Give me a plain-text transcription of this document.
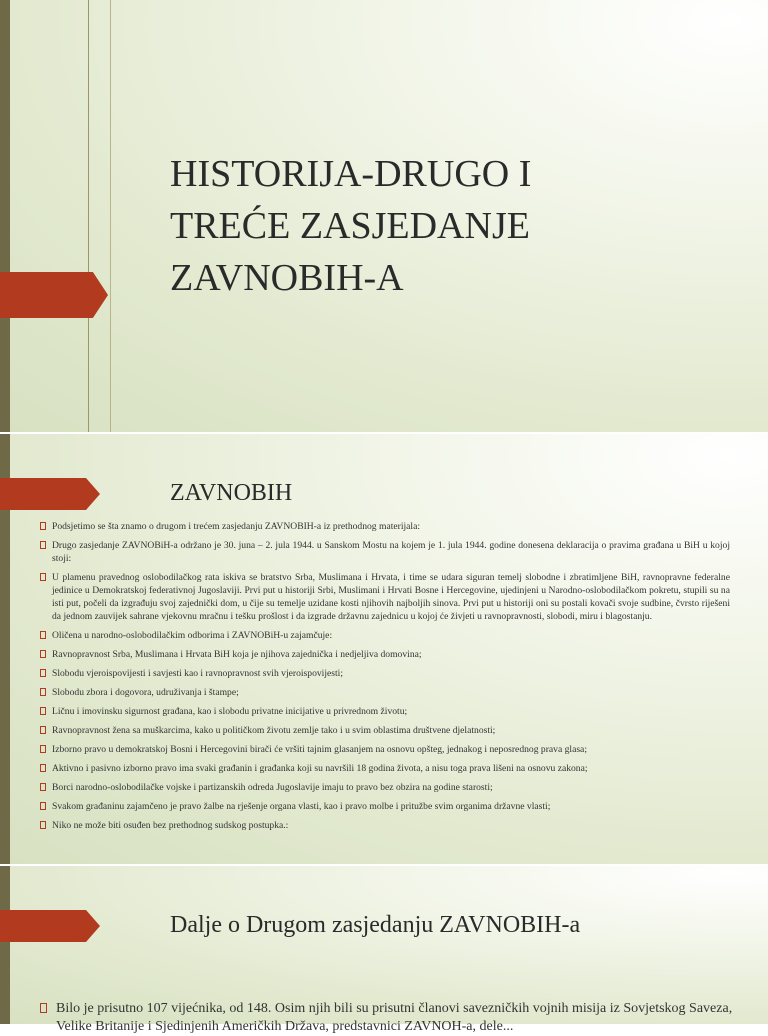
HISTORIJA-DRUGO I
TREĆE ZASJEDANJE
ZAVNOBIH-A
ZAVNOBIH
Podsjetimo se šta znamo o drugom i trećem zasjedanju ZAVNOBIH-a iz prethodnog materijala:
Drugo zasjedanje ZAVNOBiH-a održano je 30. juna – 2. jula 1944. u Sanskom Mostu na kojem je 1. jula 1944. godine donesena deklaracija o pravima građana u BiH u kojoj stoji:
U plamenu pravednog oslobodilačkog rata iskiva se bratstvo Srba, Muslimana i Hrvata, i time se udara siguran temelj slobodne i zbratimljene BiH, ravnopravne federalne jedinice u Demokratskoj federativnoj Jugoslaviji. Prvi put u historiji Srbi, Muslimani i Hrvati Bosne i Hercegovine, ujedinjeni u Narodno-oslobodilačkom pokretu, stupili su na isti put, počeli da izgrađuju svoj zajednički dom, u čije su temelje uzidane kosti njihovih najboljih sinova. Prvi put u historiji oni su postali kovači svoje sudbine, čvrsto riješeni da jednom zauvijek sahrane vjekovnu mračnu i tešku prošlost i da izgrade državnu zajednicu u kojoj će živjeti u ravnopravnosti, slobodi, miru i blagostanju.
Oličena u narodno-oslobodilačkim odborima i ZAVNOBiH-u zajamčuje:
Ravnopravnost Srba, Muslimana i Hrvata BiH koja je njihova zajednička i nedjeljiva domovina;
Slobodu vjeroispovijesti i savjesti kao i ravnopravnost svih vjeroispovijesti;
Slobodu zbora i dogovora, udruživanja i štampe;
Ličnu i imovinsku sigurnost građana, kao i slobodu privatne inicijative u privrednom životu;
Ravnopravnost žena sa muškarcima, kako u političkom životu zemlje tako i u svim oblastima društvene djelatnosti;
Izborno pravo u demokratskoj Bosni i Hercegovini birači će vršiti tajnim glasanjem na osnovu opšteg, jednakog i neposrednog prava glasa;
Aktivno i pasivno izborno pravo ima svaki građanin i građanka koji su navršili 18 godina života, a nisu toga prava lišeni na osnovu zakona;
Borci narodno-oslobodilačke vojske i partizanskih odreda Jugoslavije imaju to pravo bez obzira na godine starosti;
Svakom građaninu zajamčeno je pravo žalbe na rješenje organa vlasti, kao i pravo molbe i pritužbe svim organima državne vlasti;
Niko ne može biti osuđen bez prethodnog sudskog postupka.:
Dalje o Drugom zasjedanju ZAVNOBIH-a
Bilo je prisutno 107 vijećnika, od 148. Osim njih bili su prisutni članovi savezničkih vojnih misija iz Sovjetskog Saveza, Velike Britanije i Sjedinjenih Američkih Država, predstavnici ZAVNOH-a, dele...
